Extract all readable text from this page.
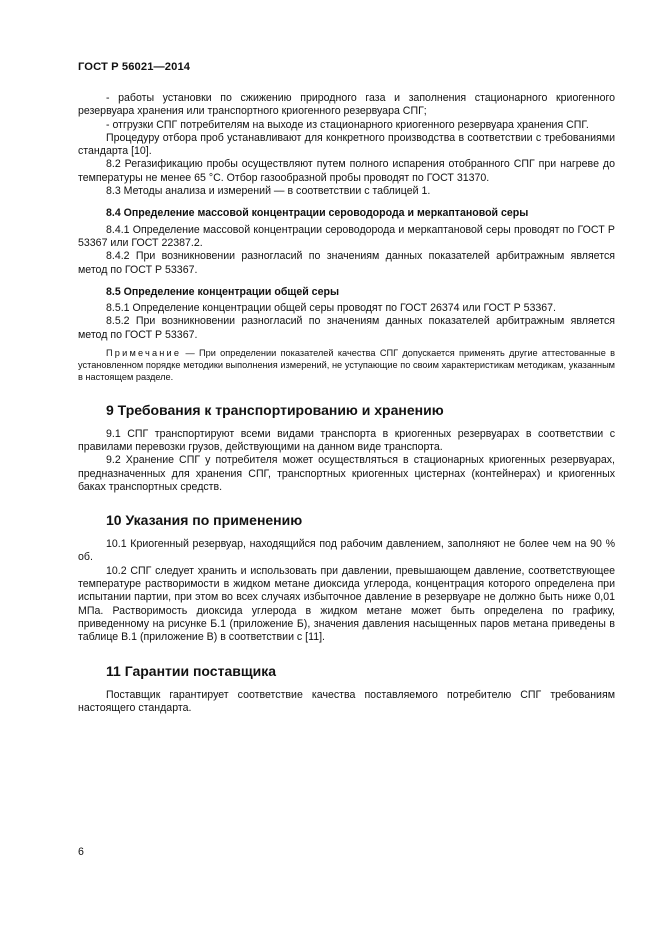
ГОСТ Р 56021—2014

- работы установки по сжижению природного газа и заполнения стационарного криогенного резервуара хранения или транспортного криогенного резервуара СПГ;

- отгрузки СПГ потребителям на выходе из стационарного криогенного резервуара хранения СПГ.

Процедуру отбора проб устанавливают для конкретного производства в соответствии с требованиями стандарта [10].

8.2 Регазификацию пробы осуществляют путем полного испарения отобранного СПГ при нагреве до температуры не менее 65 °С. Отбор газообразной пробы проводят по ГОСТ 31370.

8.3 Методы анализа и измерений — в соответствии с таблицей 1.

8.4 Определение массовой концентрации сероводорода и меркаптановой серы

8.4.1 Определение массовой концентрации сероводорода и меркаптановой серы проводят по ГОСТ Р 53367 или ГОСТ 22387.2.

8.4.2 При возникновении разногласий по значениям данных показателей арбитражным является метод по ГОСТ Р 53367.

8.5 Определение концентрации общей серы

8.5.1 Определение концентрации общей серы проводят по ГОСТ 26374 или ГОСТ Р 53367.

8.5.2 При возникновении разногласий по значениям данных показателей арбитражным является метод по ГОСТ Р 53367.

Примечание — При определении показателей качества СПГ допускается применять другие аттестованные в установленном порядке методики выполнения измерений, не уступающие по своим характеристикам методикам, указанным в настоящем разделе.

9 Требования к транспортированию и хранению

9.1 СПГ транспортируют всеми видами транспорта в криогенных резервуарах в соответствии с правилами перевозки грузов, действующими на данном виде транспорта.

9.2 Хранение СПГ у потребителя может осуществляться в стационарных криогенных резервуарах, предназначенных для хранения СПГ, транспортных криогенных цистернах (контейнерах) и криогенных баках транспортных средств.

10 Указания по применению

10.1 Криогенный резервуар, находящийся под рабочим давлением, заполняют не более чем на 90 % об.

10.2 СПГ следует хранить и использовать при давлении, превышающем давление, соответствующее температуре растворимости в жидком метане диоксида углерода, концентрация которого определена при испытании партии, при этом во всех случаях избыточное давление в резервуаре не должно быть ниже 0,01 МПа. Растворимость диоксида углерода в жидком метане может быть определена по графику, приведенному на рисунке Б.1 (приложение Б), значения давления насыщенных паров метана приведены в таблице В.1 (приложение В) в соответствии с [11].

11 Гарантии поставщика

Поставщик гарантирует соответствие качества поставляемого потребителю СПГ требованиям настоящего стандарта.

6
